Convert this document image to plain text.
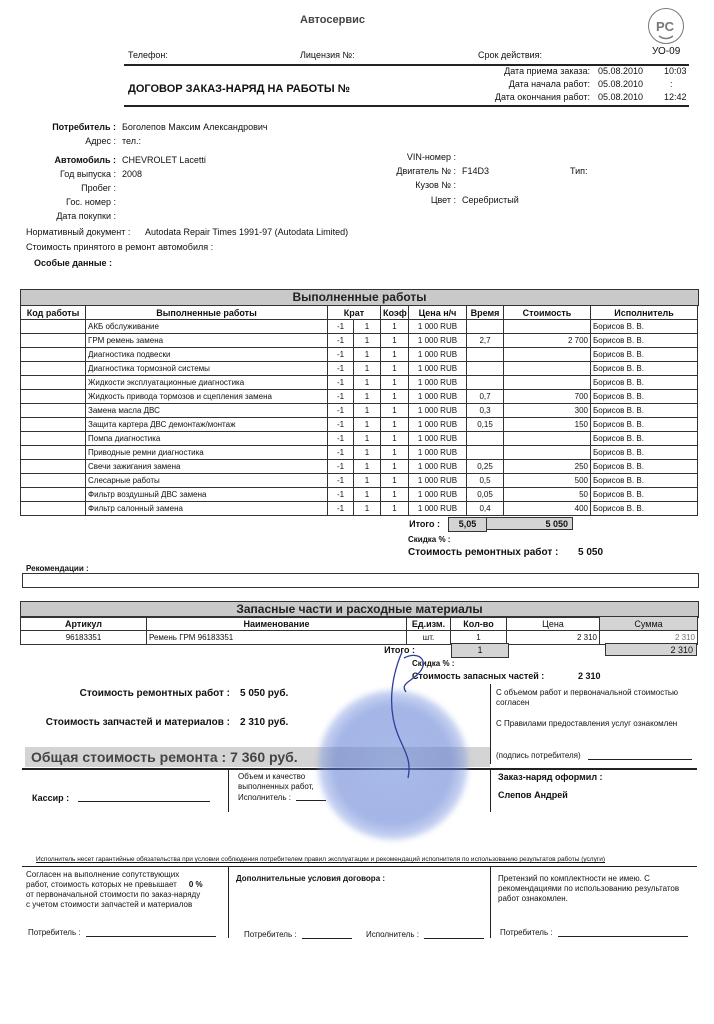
Автосервис	PC
Телефон:	Лицензия №:	Срок действия:	УО-09
ДОГОВОР ЗАКАЗ-НАРЯД НА РАБОТЫ №
Дата приема заказа: 05.08.2010 10:03
Дата начала работ: 05.08.2010	:
Дата окончания работ: 05.08.2010 12:42
Потребитель : Боголепов Максим Александрович
Адрес : тел.:
Автомобиль : CHEVROLET Lacetti
Год выпуска : 2008
Пробег :
Гос. номер :
Дата покупки :
VIN-номер :
Двигатель № : F14D3	Тип:
Кузов № :
Цвет : Серебристый
Нормативный документ : Autodata Repair Times 1991-97 (Autodata Limited)
Стоимость принятого в ремонт автомобиля :
Особые данные :
Выполненные работы
Код работы	Выполненные работы	Крат		Коэф	Цена н/ч	Время	Стоимость	Исполнитель
	АКБ обслуживание	-1	1	1	1 000 RUB			Борисов В. В.
	ГРМ ремень замена	-1	1	1	1 000 RUB	2,7	2 700	Борисов В. В.
	Диагностика подвески	-1	1	1	1 000 RUB			Борисов В. В.
	Диагностика тормозной системы	-1	1	1	1 000 RUB			Борисов В. В.
	Жидкости эксплуатационные диагностика	-1	1	1	1 000 RUB			Борисов В. В.
	Жидкость привода тормозов и сцепления замена	-1	1	1	1 000 RUB	0,7	700	Борисов В. В.
	Замена масла ДВС	-1	1	1	1 000 RUB	0,3	300	Борисов В. В.
	Защита картера ДВС демонтаж/монтаж	-1	1	1	1 000 RUB	0,15	150	Борисов В. В.
	Помпа диагностика	-1	1	1	1 000 RUB			Борисов В. В.
	Приводные ремни диагностика	-1	1	1	1 000 RUB			Борисов В. В.
	Свечи зажигания замена	-1	1	1	1 000 RUB	0,25	250	Борисов В. В.
	Слесарные работы	-1	1	1	1 000 RUB	0,5	500	Борисов В. В.
	Фильтр воздушный ДВС замена	-1	1	1	1 000 RUB	0,05	50	Борисов В. В.
	Фильтр салонный замена	-1	1	1	1 000 RUB	0,4	400	Борисов В. В.
Итого :	5,05	5 050
Скидка % :
Стоимость ремонтных работ : 5 050
Рекомендации :
Запасные части и расходные материалы
Артикул	Наименование	Ед.изм.	Кол-во	Цена	Сумма
96183351	Ремень ГРМ 96183351	шт.	1	2 310	2 310
Итого :	1	2 310
Скидка % :
Стоимость запасных частей :	2 310
Стоимость ремонтных работ : 5 050 руб.
Стоимость запчастей и материалов : 2 310 руб.
С объемом работ и первоначальной стоимостью согласен
С Правилами предоставления услуг ознакомлен
(подпись потребителя)
Общая стоимость ремонта : 7 360 руб.
Кассир :
Объем и качество выполненных работ,
Исполнитель :
Заказ-наряд оформил :
Слепов Андрей
Исполнитель несет гарантийные обязательства при условии соблюдения потребителем правил эксплуатации и рекомендаций исполнителя по использованию результатов работы (услуги)
Согласен на выполнение сопутствующих
работ, стоимость которых не превышает 0 %
от первоначальной стоимости по заказ-наряду
с учетом стоимости запчастей и материалов
Дополнительные условия договора :	Претензий по комплектности не имею. С рекомендациями по использованию результатов работ ознакомлен.
Потребитель :	Потребитель :	Исполнитель :	Потребитель :
